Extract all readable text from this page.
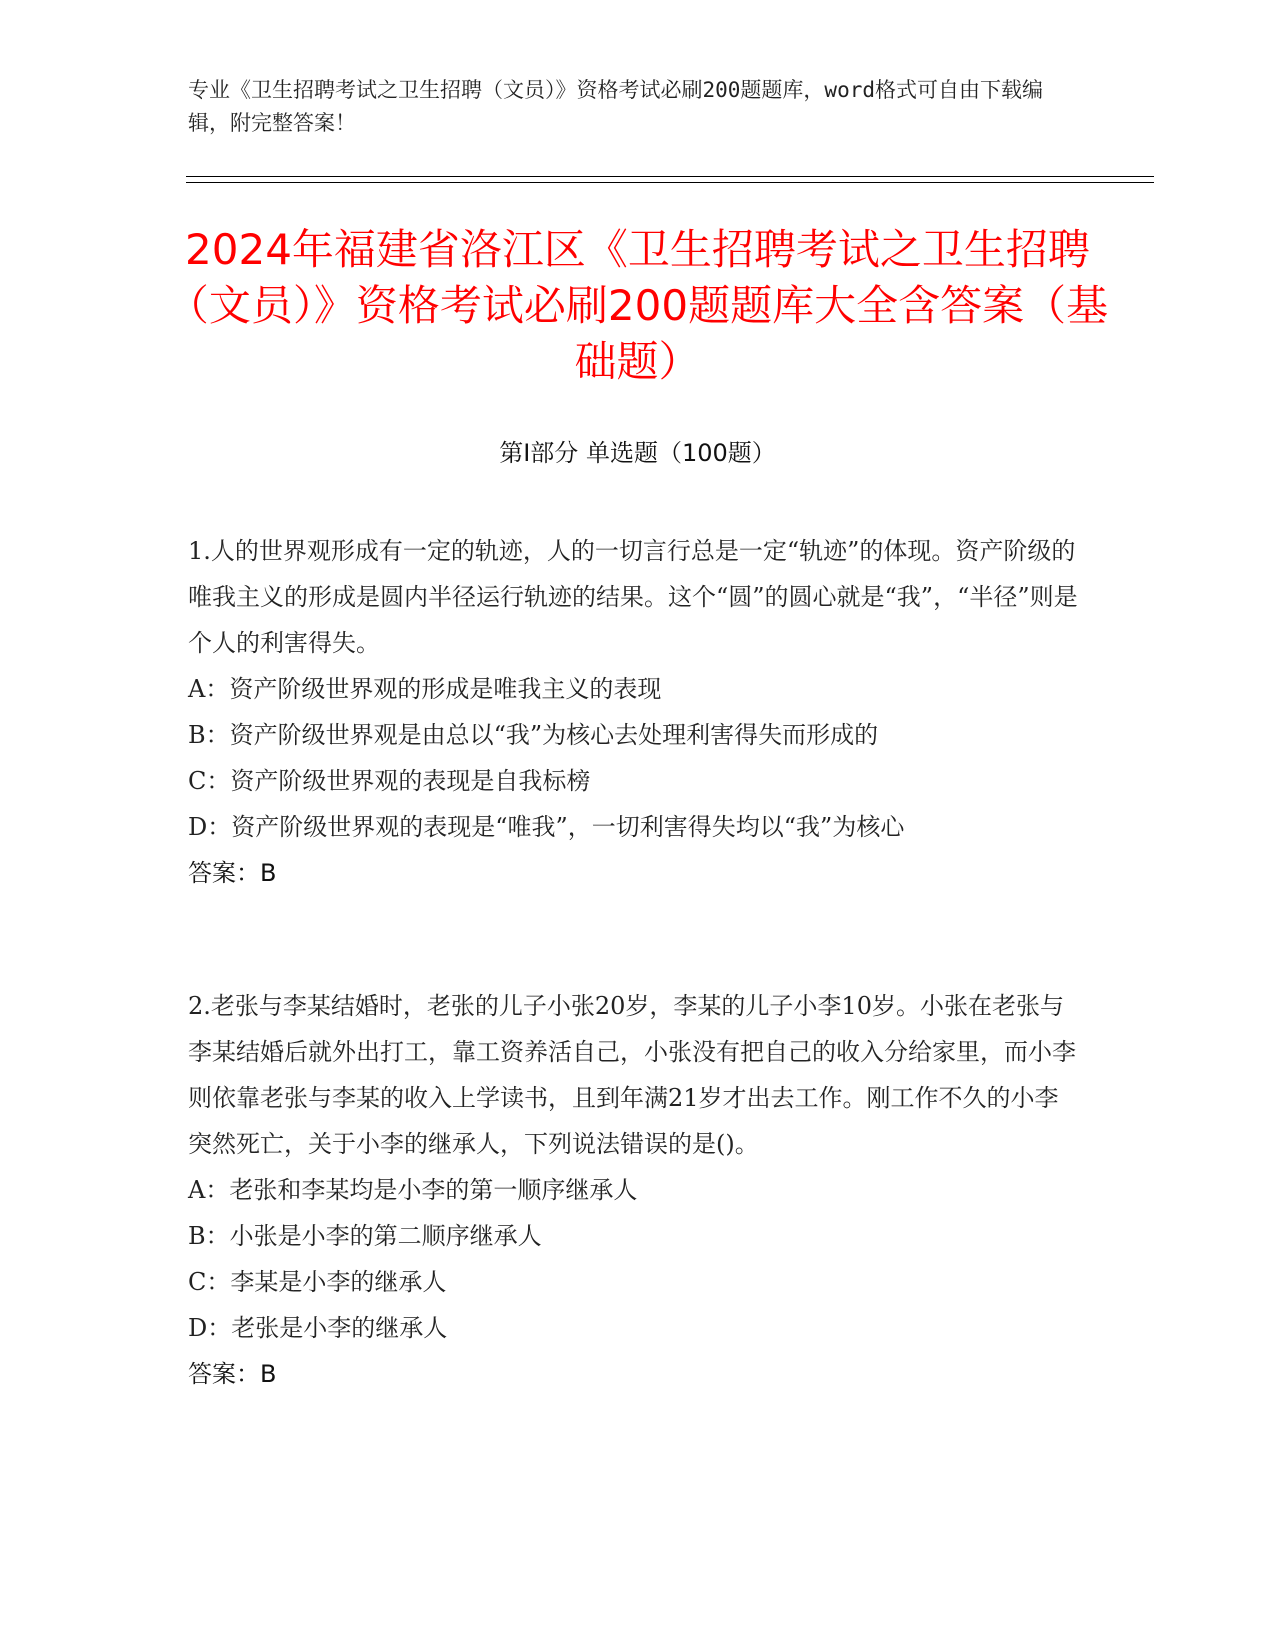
专业《卫生招聘考试之卫生招聘（文员）》资格考试必刷200题题库，word格式可自由下载编辑，附完整答案！
2024年福建省洛江区《卫生招聘考试之卫生招聘（文员）》资格考试必刷200题题库大全含答案（基础题）
第I部分 单选题（100题）

1.人的世界观形成有一定的轨迹，人的一切言行总是一定“轨迹”的体现。资产阶级的唯我主义的形成是圆内半径运行轨迹的结果。这个“圆”的圆心就是“我”，“半径”则是个人的利害得失。

A：资产阶级世界观的形成是唯我主义的表现

B：资产阶级世界观是由总以“我”为核心去处理利害得失而形成的

C：资产阶级世界观的表现是自我标榜

D：资产阶级世界观的表现是“唯我”，一切利害得失均以“我”为核心

答案：B

2.老张与李某结婚时，老张的儿子小张20岁，李某的儿子小李10岁。小张在老张与李某结婚后就外出打工，靠工资养活自己，小张没有把自己的收入分给家里，而小李则依靠老张与李某的收入上学读书，且到年满21岁才出去工作。刚工作不久的小李突然死亡，关于小李的继承人，下列说法错误的是()。

A：老张和李某均是小李的第一顺序继承人

B：小张是小李的第二顺序继承人

C：李某是小李的继承人

D：老张是小李的继承人

答案：B
